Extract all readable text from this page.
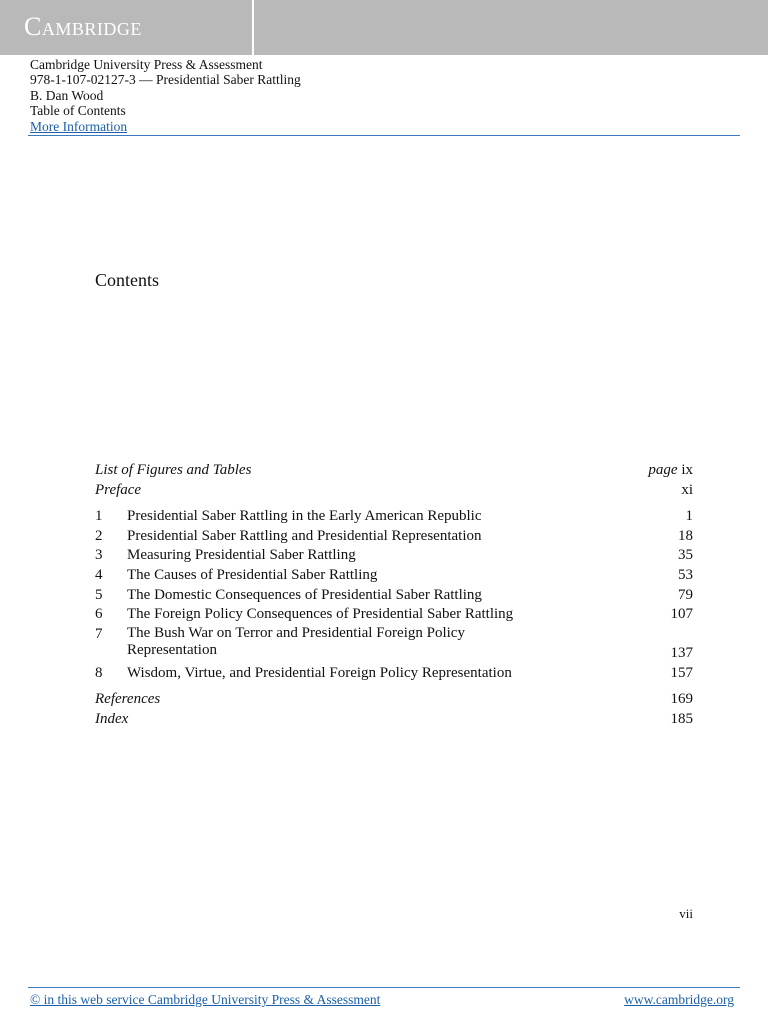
Cambridge
Cambridge University Press & Assessment
978-1-107-02127-3 — Presidential Saber Rattling
B. Dan Wood
Table of Contents
More Information
Contents
List of Figures and Tables	page ix
Preface	xi
1	Presidential Saber Rattling in the Early American Republic	1
2	Presidential Saber Rattling and Presidential Representation	18
3	Measuring Presidential Saber Rattling	35
4	The Causes of Presidential Saber Rattling	53
5	The Domestic Consequences of Presidential Saber Rattling	79
6	The Foreign Policy Consequences of Presidential Saber Rattling	107
7	The Bush War on Terror and Presidential Foreign Policy
Representation	137
8	Wisdom, Virtue, and Presidential Foreign Policy Representation	157
References	169
Index	185
vii
© in this web service Cambridge University Press & Assessment	www.cambridge.org
